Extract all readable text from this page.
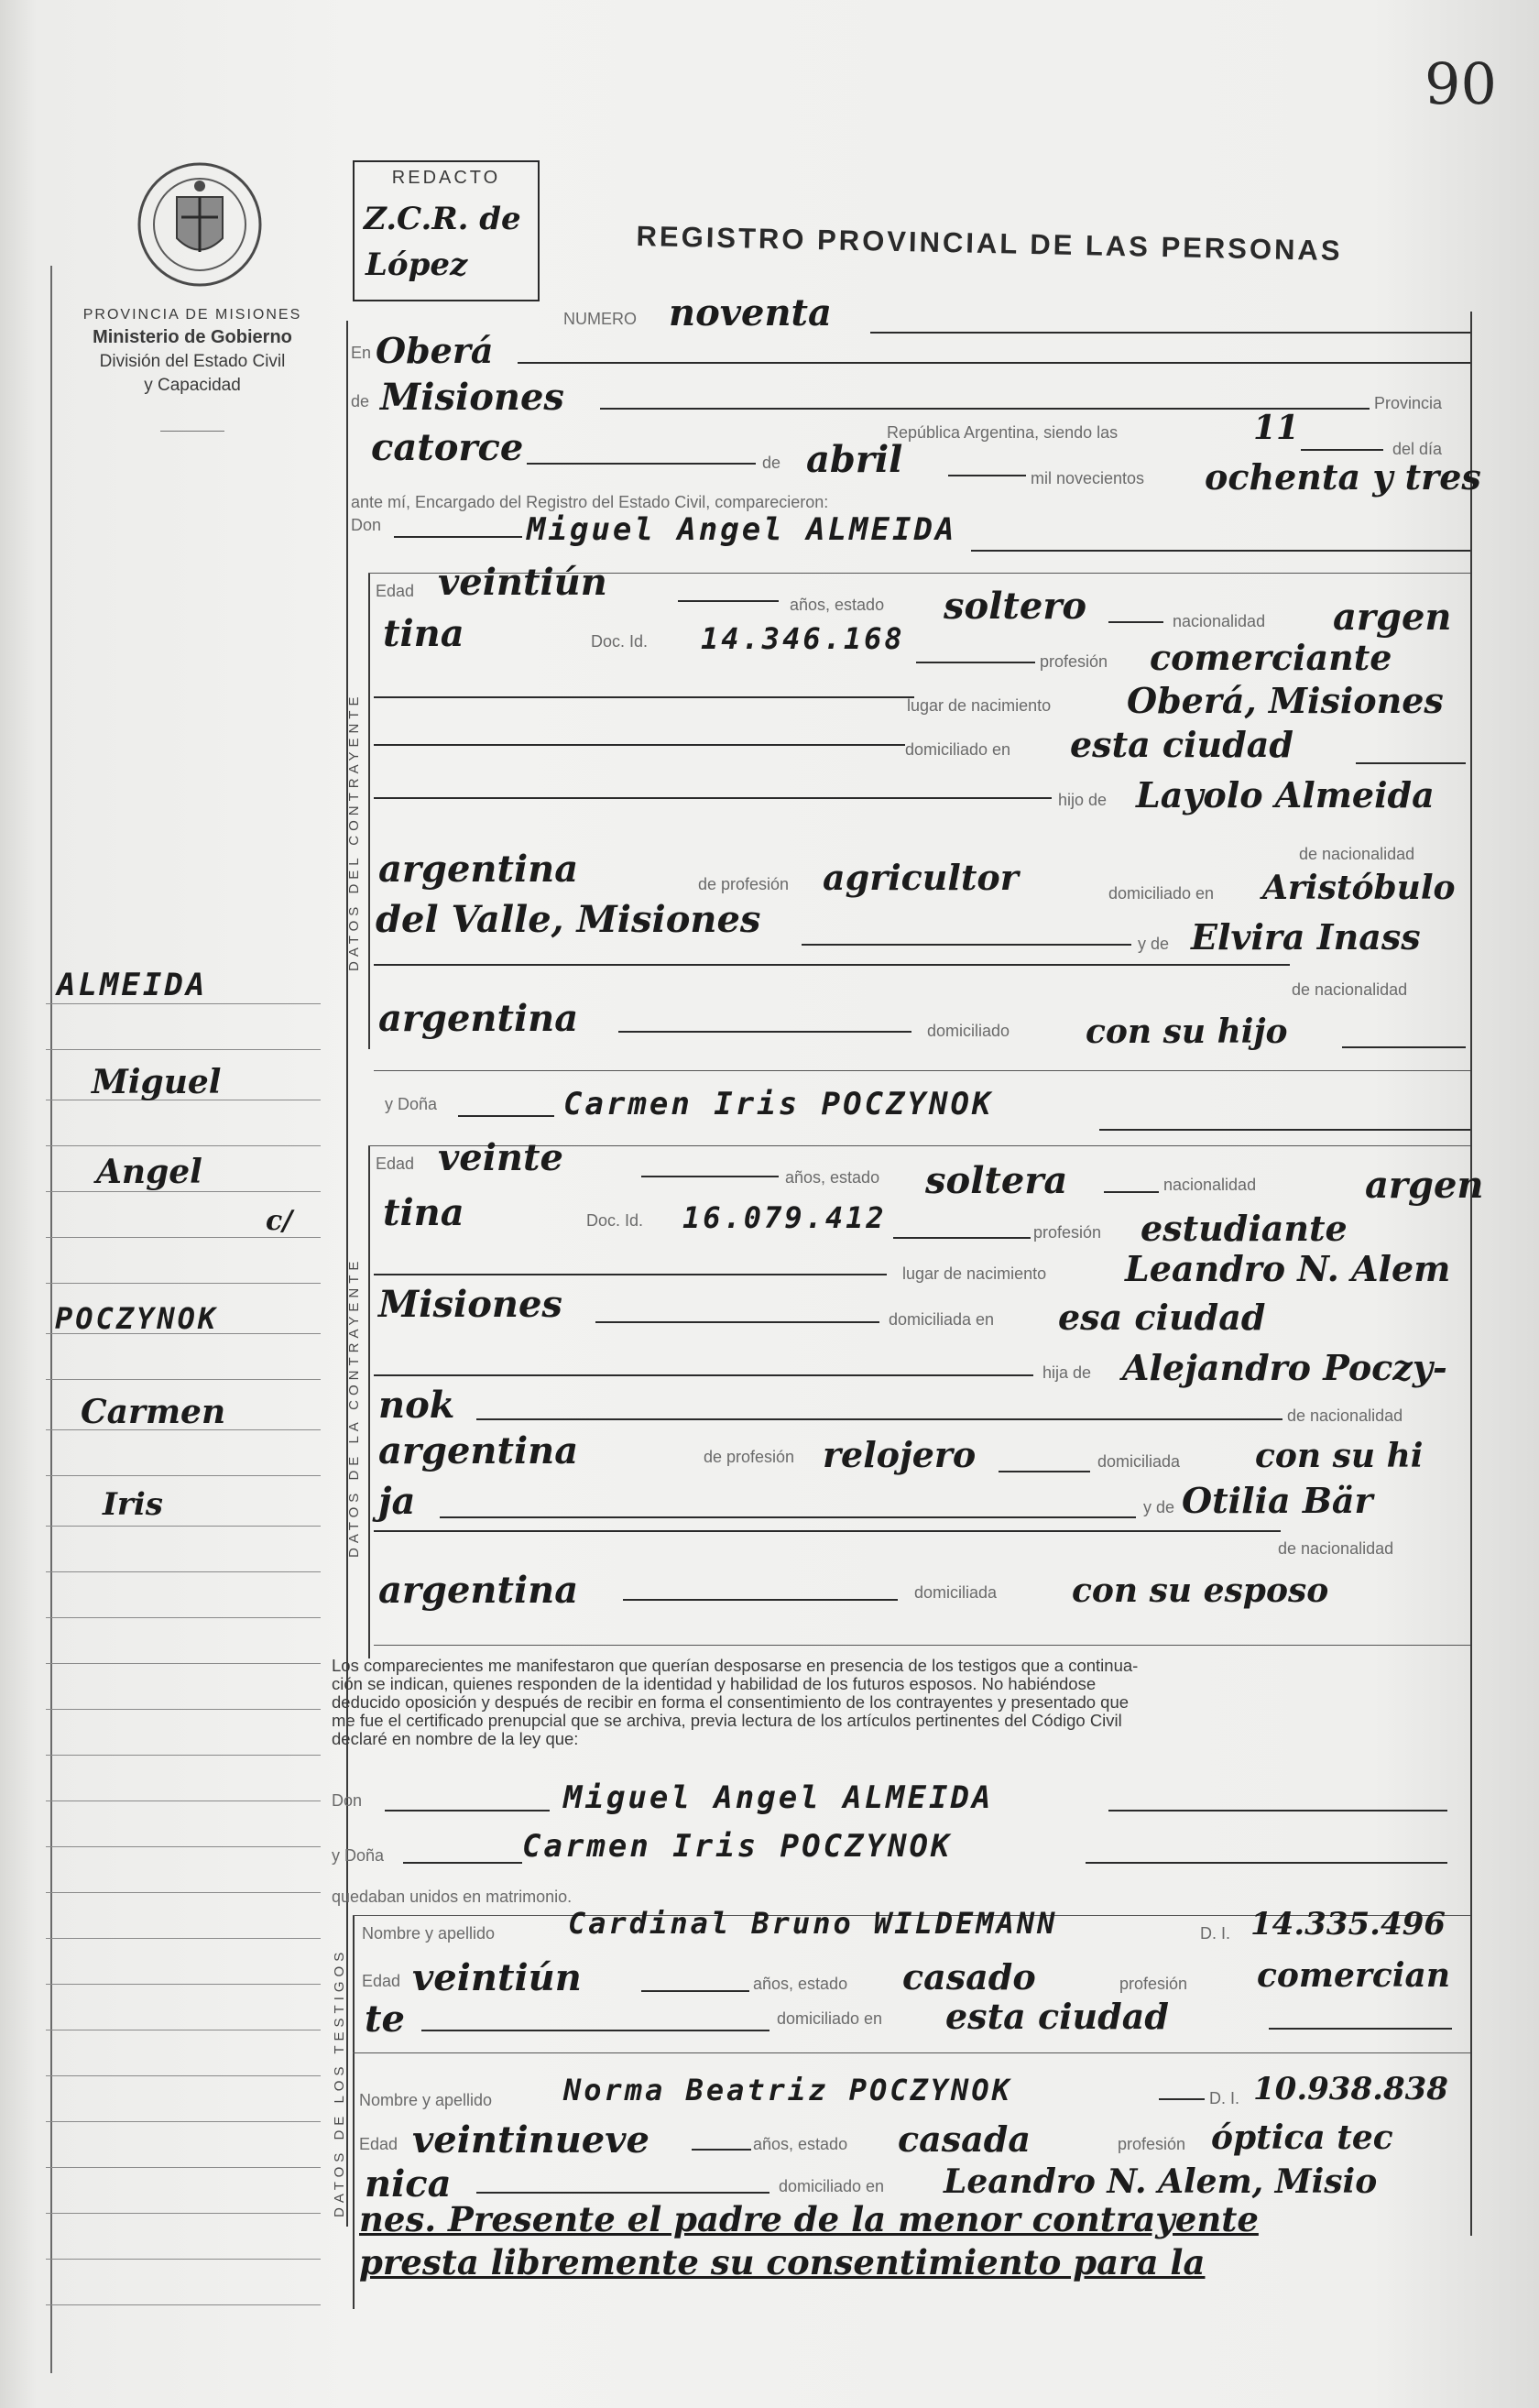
90
PROVINCIA DE MISIONES
Ministerio de Gobierno
División del Estado Civil
y Capacidad
REDACTO
Z.C.R. de
López	REGISTRO PROVINCIAL DE LAS PERSONAS
NUMERO noventa
En Oberá
de Misiones	Provincia
República Argentina, siendo las	11
del día
catorce	de abril	mil novecientos ochenta y tres
ante mí, Encargado del Registro del Estado Civil, comparecieron:
Don	Miguel Angel ALMEIDA
DATOS DEL CONTRAYENTE
Edad veintiún
años, estado soltero	nacionalidad argen
tina	Doc. Id. 14.346.168
profesión comerciante
lugar de nacimiento Oberá, Misiones
domiciliado en esta ciudad
hijo de Layolo Almeida
de nacionalidad
argentina	de profesión agricultor	domiciliado en Aristóbulo
del Valle, Misiones
y de Elvira Inass
de nacionalidad
argentina	domiciliado con su hijo
y Doña	Carmen Iris POCZYNOK
DATOS DE LA CONTRAYENTE
Edad veinte	años, estado soltera	nacionalidad	argen
tina	Doc. Id. 16.079.412	profesión estudiante
lugar de nacimiento Leandro N. Alem
Misiones	domiciliada en esa ciudad
hija de Alejandro Poczy-
nok	de nacionalidad
argentina	de profesión relojero	domiciliada con su hi
ja	y de Otilia Bär
de nacionalidad
argentina	domiciliada con su esposo
Los comparecientes me manifestaron que querían desposarse en presencia de los testigos que a continua-
ción se indican, quienes responden de la identidad y habilidad de los futuros esposos. No habiéndose
deducido oposición y después de recibir en forma el consentimiento de los contrayentes y presentado que
me fue el certificado prenupcial que se archiva, previa lectura de los artículos pertinentes del Código Civil
declaré en nombre de la ley que:
Don	Miguel Angel ALMEIDA
y Doña	Carmen Iris POCZYNOK
quedaban unidos en matrimonio.
DATOS DE LOS TESTIGOS
Nombre y apellido Cardinal Bruno WILDEMANN	D. I. 14.335.496
Edad veintiún	años, estado casado	profesión comercian
te	domiciliado en esta ciudad
Nombre y apellido Norma Beatriz POCZYNOK	D. I. 10.938.838
Edad veintinueve	años, estado casada	profesión óptica tec
nica	domiciliado en Leandro N. Alem, Misio
nes. Presente el padre de la menor contrayente
presta libremente su consentimiento para la
ALMEIDA
Miguel
Angel
c/
POCZYNOK
Carmen
Iris
